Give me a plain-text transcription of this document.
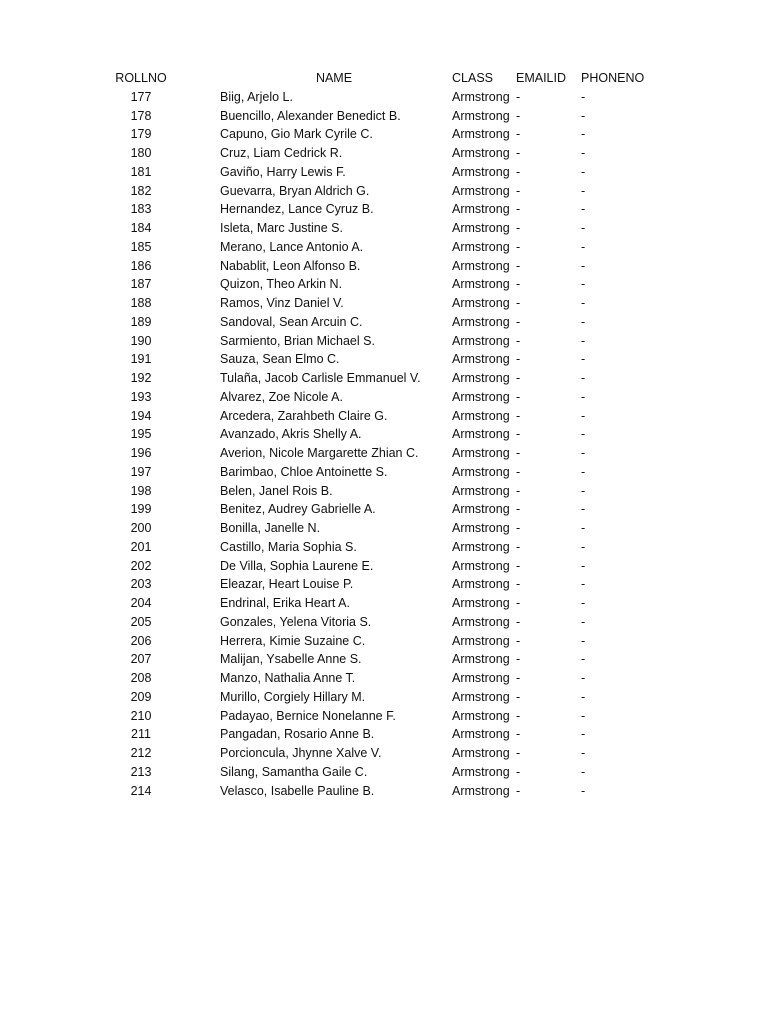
ROLLNO	NAME	CLASS EMAILID PHONENO
177	Biig, Arjelo L.	Armstrong -	-
178	Buencillo, Alexander Benedict B.	Armstrong -	-
179	Capuno, Gio Mark Cyrile C.	Armstrong -	-
180	Cruz, Liam Cedrick R.	Armstrong -	-
181	Gaviño, Harry Lewis F.	Armstrong -	-
182	Guevarra, Bryan Aldrich G.	Armstrong -	-
183	Hernandez, Lance Cyruz B.	Armstrong -	-
184	Isleta, Marc Justine S.	Armstrong -	-
185	Merano, Lance Antonio A.	Armstrong -	-
186	Nabablit, Leon Alfonso B.	Armstrong -	-
187	Quizon, Theo Arkin N.	Armstrong -	-
188	Ramos, Vinz Daniel V.	Armstrong -	-
189	Sandoval, Sean Arcuin C.	Armstrong -	-
190	Sarmiento, Brian Michael S.	Armstrong -	-
191	Sauza, Sean Elmo C.	Armstrong -	-
192	Tulaña, Jacob Carlisle Emmanuel V.	Armstrong -	-
193	Alvarez, Zoe Nicole A.	Armstrong -	-
194	Arcedera, Zarahbeth Claire G.	Armstrong -	-
195	Avanzado, Akris Shelly A.	Armstrong -	-
196	Averion, Nicole Margarette Zhian C.	Armstrong -	-
197	Barimbao, Chloe Antoinette S.	Armstrong -	-
198	Belen, Janel Rois B.	Armstrong -	-
199	Benitez, Audrey Gabrielle A.	Armstrong -	-
200	Bonilla, Janelle N.	Armstrong -	-
201	Castillo, Maria Sophia S.	Armstrong -	-
202	De Villa, Sophia Laurene E.	Armstrong -	-
203	Eleazar, Heart Louise P.	Armstrong -	-
204	Endrinal, Erika Heart A.	Armstrong -	-
205	Gonzales, Yelena Vitoria S.	Armstrong -	-
206	Herrera, Kimie Suzaine C.	Armstrong -	-
207	Malijan, Ysabelle Anne S.	Armstrong -	-
208	Manzo, Nathalia Anne T.	Armstrong -	-
209	Murillo, Corgiely Hillary M.	Armstrong -	-
210	Padayao, Bernice Nonelanne F.	Armstrong -	-
211	Pangadan, Rosario Anne B.	Armstrong -	-
212	Porcioncula, Jhynne Xalve V.	Armstrong -	-
213	Silang, Samantha Gaile C.	Armstrong -	-
214	Velasco, Isabelle Pauline B.	Armstrong -	-
